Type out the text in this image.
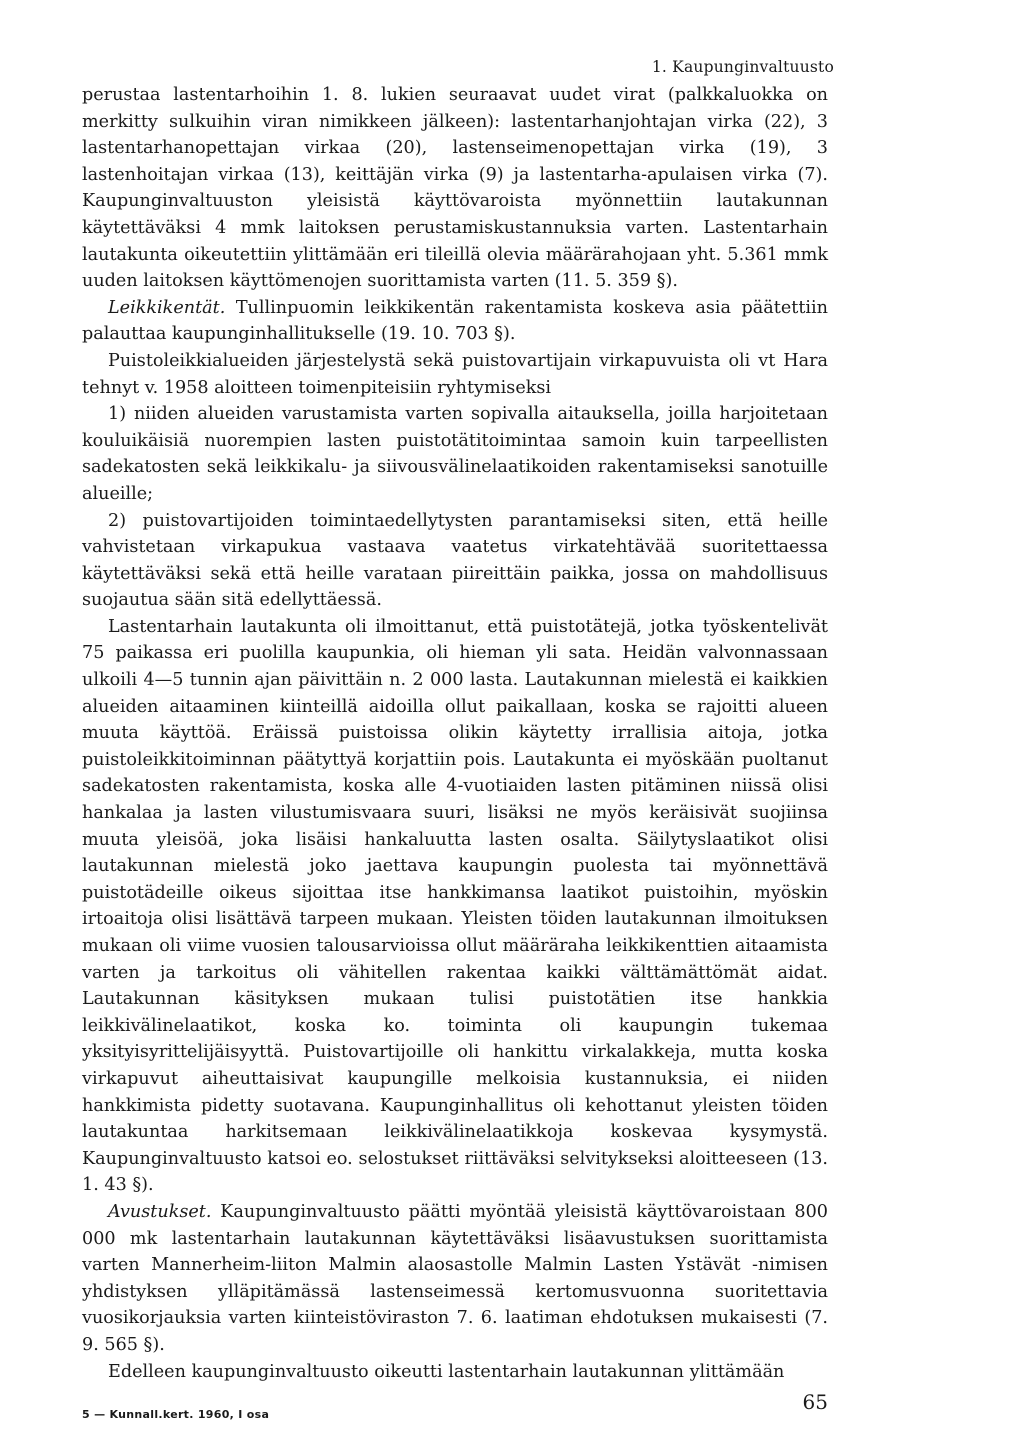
1. Kaupunginvaltuusto

perustaa lastentarhoihin 1. 8. lukien seuraavat uudet virat (palkkaluokka on merkitty sulkuihin viran nimikkeen jälkeen): lastentarhanjohtajan virka (22), 3 lastentarhanopettajan virkaa (20), lastenseimenopettajan virka (19), 3 lastenhoitajan virkaa (13), keittäjän virka (9) ja lastentarha-apulaisen virka (7). Kaupunginvaltuuston yleisistä käyttövaroista myönnettiin lautakunnan käytettäväksi 4 mmk laitoksen perustamiskustannuksia varten. Lastentarhain lautakunta oikeutettiin ylittämään eri tileillä olevia määrärahojaan yht. 5.361 mmk uuden laitoksen käyttömenojen suorittamista varten (11. 5. 359 §).

Leikkikentät. Tullinpuomin leikkikentän rakentamista koskeva asia päätettiin palauttaa kaupunginhallitukselle (19. 10. 703 §).

Puistoleikkialueiden järjestelystä sekä puistovartijain virkapuvuista oli vt Hara tehnyt v. 1958 aloitteen toimenpiteisiin ryhtymiseksi

1) niiden alueiden varustamista varten sopivalla aitauksella, joilla harjoitetaan kouluikäisiä nuorempien lasten puistotätitoimintaa samoin kuin tarpeellisten sadekatosten sekä leikkikalu- ja siivousvälinelaatikoiden rakentamiseksi sanotuille alueille;

2) puistovartijoiden toimintaedellytysten parantamiseksi siten, että heille vahvistetaan virkapukua vastaava vaatetus virkatehtävää suoritettaessa käytettäväksi sekä että heille varataan piireittäin paikka, jossa on mahdollisuus suojautua sään sitä edellyttäessä.

Lastentarhain lautakunta oli ilmoittanut, että puistotätejä, jotka työskentelivät 75 paikassa eri puolilla kaupunkia, oli hieman yli sata. Heidän valvonnassaan ulkoili 4—5 tunnin ajan päivittäin n. 2 000 lasta. Lautakunnan mielestä ei kaikkien alueiden aitaaminen kiinteillä aidoilla ollut paikallaan, koska se rajoitti alueen muuta käyttöä. Eräissä puistoissa olikin käytetty irrallisia aitoja, jotka puistoleikkitoiminnan päätyttyä korjattiin pois. Lautakunta ei myöskään puoltanut sadekatosten rakentamista, koska alle 4-vuotiaiden lasten pitäminen niissä olisi hankalaa ja lasten vilustumisvaara suuri, lisäksi ne myös keräisivät suojiinsa muuta yleisöä, joka lisäisi hankaluutta lasten osalta. Säilytyslaatikot olisi lautakunnan mielestä joko jaettava kaupungin puolesta tai myönnettävä puistotädeille oikeus sijoittaa itse hankkimansa laatikot puistoihin, myöskin irtoaitoja olisi lisättävä tarpeen mukaan. Yleisten töiden lautakunnan ilmoituksen mukaan oli viime vuosien talousarvioissa ollut määräraha leikkikenttien aitaamista varten ja tarkoitus oli vähitellen rakentaa kaikki välttämättömät aidat. Lautakunnan käsityksen mukaan tulisi puistotätien itse hankkia leikkivälinelaatikot, koska ko. toiminta oli kaupungin tukemaa yksityisyrittelijäisyyttä. Puistovartijoille oli hankittu virkalakkeja, mutta koska virkapuvut aiheuttaisivat kaupungille melkoisia kustannuksia, ei niiden hankkimista pidetty suotavana. Kaupunginhallitus oli kehottanut yleisten töiden lautakuntaa harkitsemaan leikkivälinelaatikkoja koskevaa kysymystä. Kaupunginvaltuusto katsoi eo. selostukset riittäväksi selvitykseksi aloitteeseen (13. 1. 43 §).

Avustukset. Kaupunginvaltuusto päätti myöntää yleisistä käyttövaroistaan 800 000 mk lastentarhain lautakunnan käytettäväksi lisäavustuksen suorittamista varten Mannerheim-liiton Malmin alaosastolle Malmin Lasten Ystävät -nimisen yhdistyksen ylläpitämässä lastenseimessä kertomusvuonna suoritettavia vuosikorjauksia varten kiinteistöviraston 7. 6. laatiman ehdotuksen mukaisesti (7. 9. 565 §).

Edelleen kaupunginvaltuusto oikeutti lastentarhain lautakunnan ylittämään

5 — Kunnall.kert. 1960, I osa
65
